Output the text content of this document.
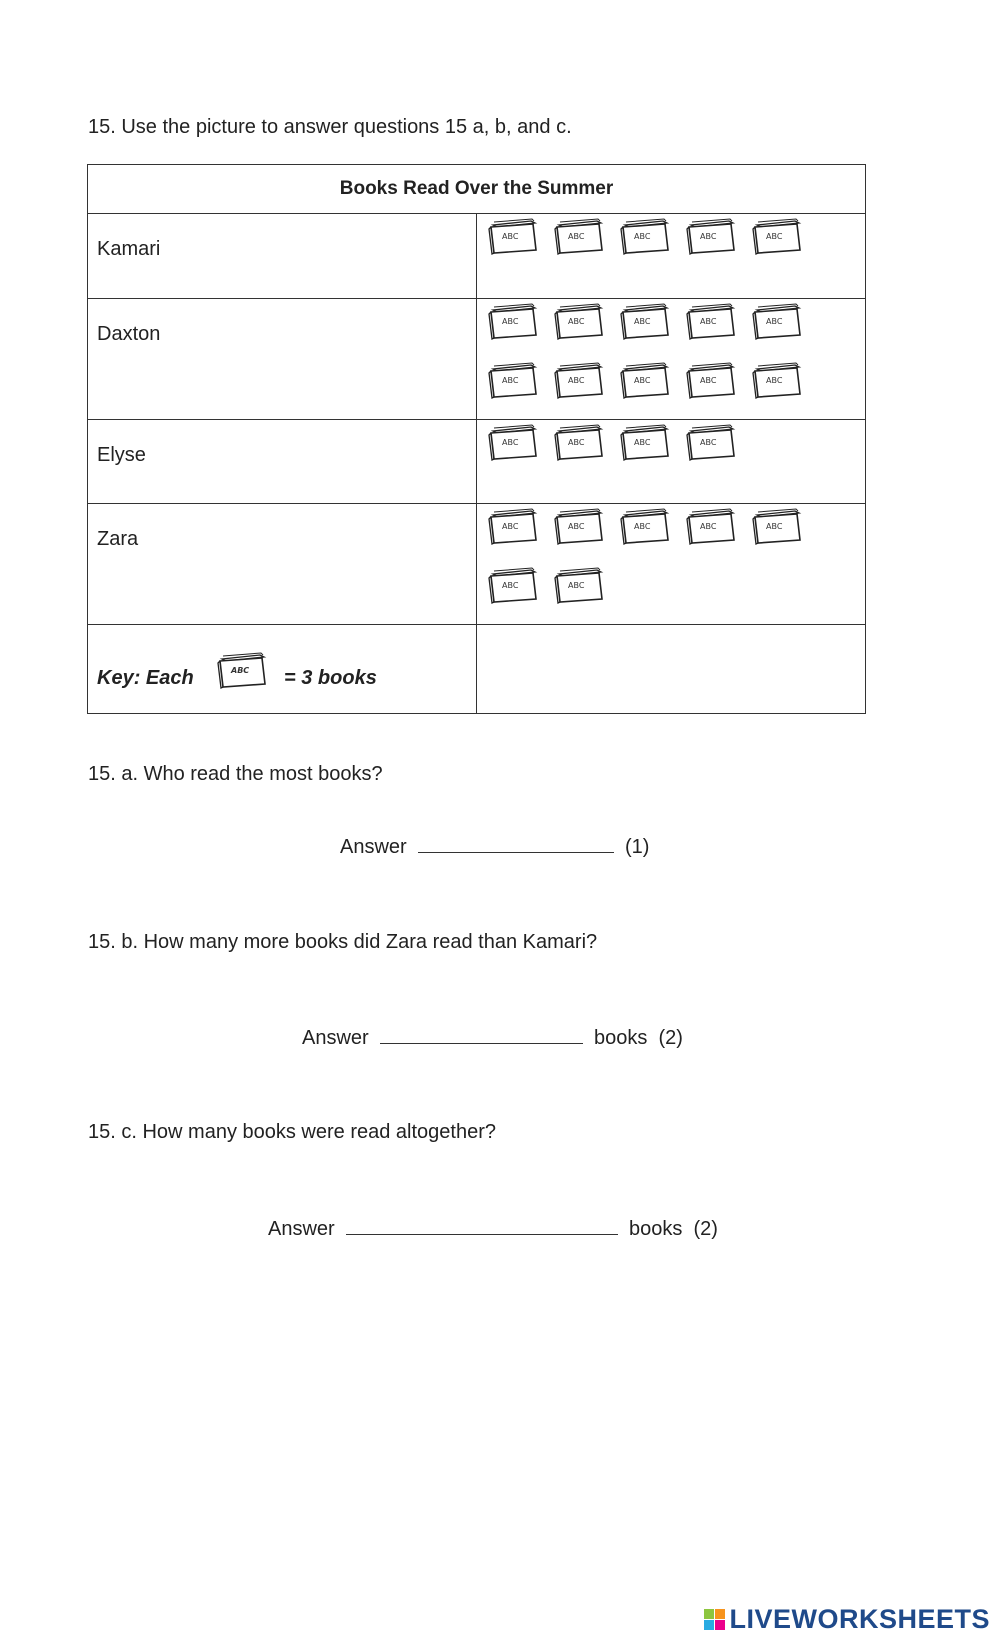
15. Use the picture to answer questions 15 a, b, and c.
Books Read Over the Summer	

Kamari

Daxton

Elyse

Zara

Key: Each = 3 books	

15. a. Who read the most books?
Answer	(1)
15. b. How many more books did Zara read than Kamari?
Answer	books (2)
15. c. How many books were read altogether?
Answer	books (2)
LIVEWORKSHEETS
